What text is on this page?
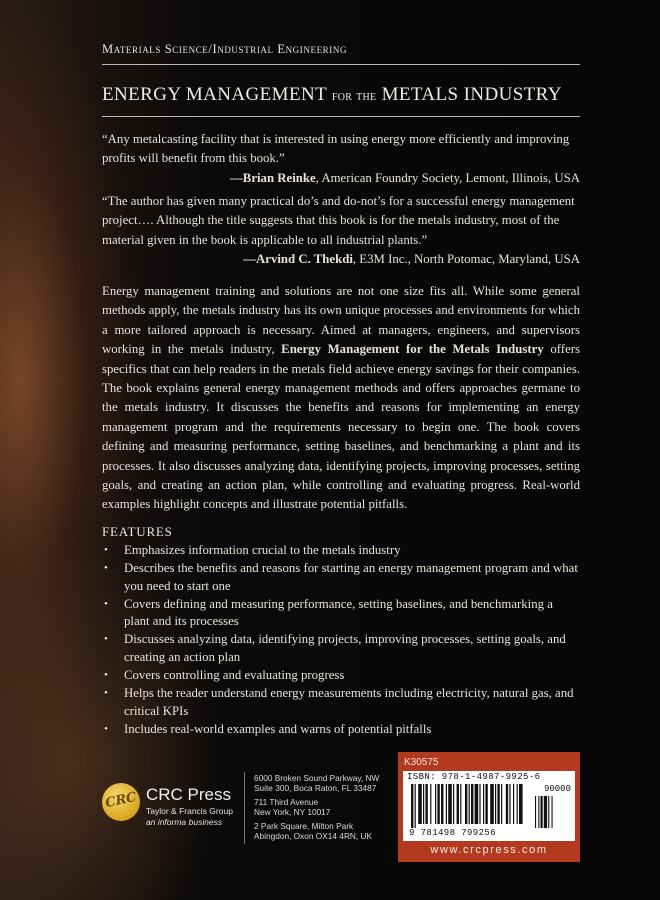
Materials Science/Industrial Engineering
ENERGY MANAGEMENT for the METALS INDUSTRY
“Any metalcasting facility that is interested in using energy more efficiently and improving profits will benefit from this book.”
—Brian Reinke, American Foundry Society, Lemont, Illinois, USA
“The author has given many practical do’s and do-not’s for a successful energy management project…. Although the title suggests that this book is for the metals industry, most of the material given in the book is applicable to all industrial plants.”
—Arvind C. Thekdi, E3M Inc., North Potomac, Maryland, USA
Energy management training and solutions are not one size fits all. While some general methods apply, the metals industry has its own unique processes and environments for which a more tailored approach is necessary. Aimed at managers, engineers, and supervisors working in the metals industry, Energy Management for the Metals Industry offers specifics that can help readers in the metals field achieve energy savings for their companies. The book explains general energy management methods and offers approaches germane to the metals industry. It discusses the benefits and reasons for implementing an energy management program and the requirements necessary to begin one. The book covers defining and measuring performance, setting baselines, and benchmarking a plant and its processes. It also discusses analyzing data, identifying projects, improving processes, setting goals, and creating an action plan, while controlling and evaluating progress. Real-world examples highlight concepts and illustrate potential pitfalls.
FEATURES
• Emphasizes information crucial to the metals industry
• Describes the benefits and reasons for starting an energy management program and what you need to start one
• Covers defining and measuring performance, setting baselines, and benchmarking a plant and its processes
• Discusses analyzing data, identifying projects, improving processes, setting goals, and creating an action plan
• Covers controlling and evaluating progress
• Helps the reader understand energy measurements including electricity, natural gas, and critical KPIs
• Includes real-world examples and warns of potential pitfalls
CRC CRC Press
Taylor & Francis Group
an informa business
6000 Broken Sound Parkway, NW
Suite 300, Boca Raton, FL 33487
711 Third Avenue
New York, NY 10017
2 Park Square, Milton Park
Abingdon, Oxon OX14 4RN, UK
K30575
ISBN: 978-1-4987-9925-6
90000
9 781498 799256
www.crcpress.com
